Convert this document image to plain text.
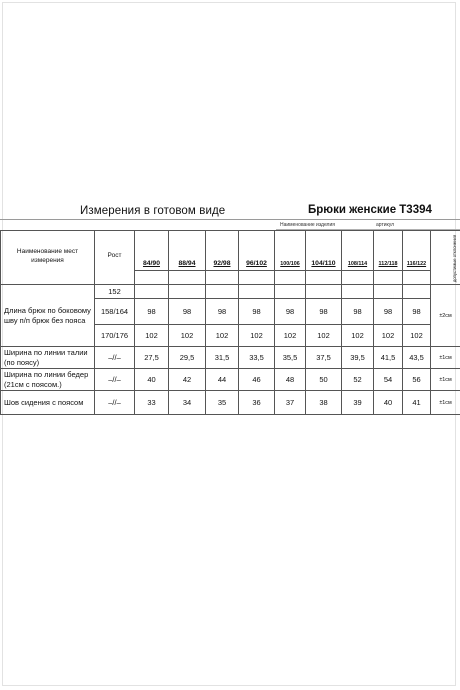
Измерения в готовом виде	Брюки женские Т3394
Наименование изделия	артикул
Наименование мест измерения	Рост	84/90	88/94	92/98	96/102	100/106	104/110	108/114	112/118	116/122	допустимые отклонения

Длина брюк по боковому шву п/п брюк без пояса	152										±2см
	158/164	98	98	98	98	98	98	98	98	98	
	170/176	102	102	102	102	102	102	102	102	102	
Ширина по линии талии (по поясу)	–//–	27,5	29,5	31,5	33,5	35,5	37,5	39,5	41,5	43,5	±1см
Ширина по линии бедер (21см с поясом.)	–//–	40	42	44	46	48	50	52	54	56	±1см
Шов сидения с поясом	–//–	33	34	35	36	37	38	39	40	41	±1см
